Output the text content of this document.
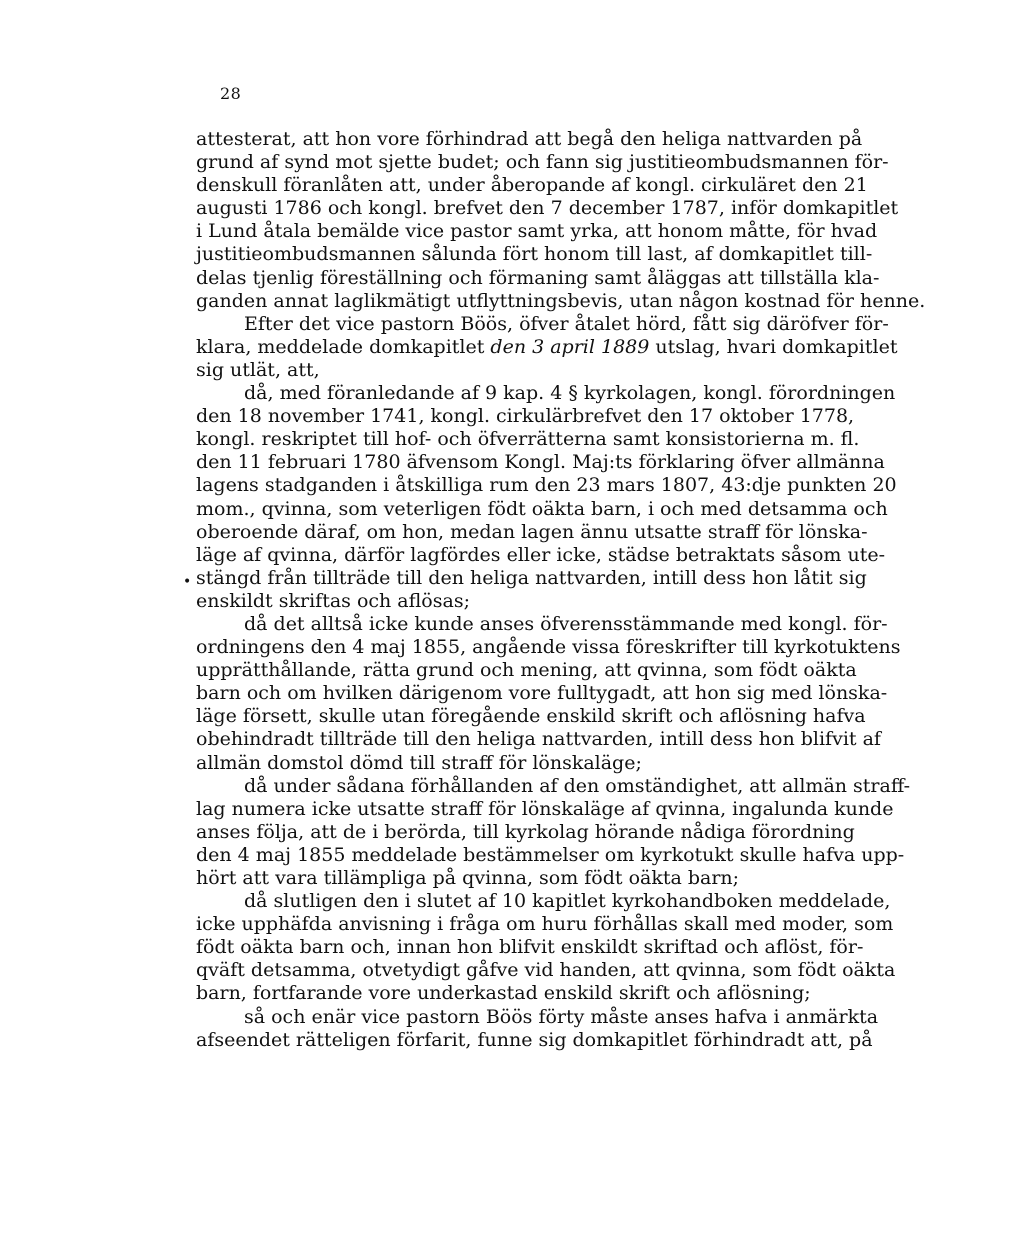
28
•
attesterat, att hon vore förhindrad att begå den heliga nattvarden på
grund af synd mot sjette budet; och fann sig justitieombudsmannen för-
denskull föranlåten att, under åberopande af kongl. cirkuläret den 21
augusti 1786 och kongl. brefvet den 7 december 1787, inför domkapitlet
i Lund åtala bemälde vice pastor samt yrka, att honom måtte, för hvad
justitieombudsmannen sålunda fört honom till last, af domkapitlet till-
delas tjenlig föreställning och förmaning samt åläggas att tillställa kla-
ganden annat laglikmätigt utflyttningsbevis, utan någon kostnad för henne.
Efter det vice pastorn Böös, öfver åtalet hörd, fått sig däröfver för-
klara, meddelade domkapitlet den 3 april 1889 utslag, hvari domkapitlet
sig utlät, att,
då, med föranledande af 9 kap. 4 § kyrkolagen, kongl. förordningen
den 18 november 1741, kongl. cirkulärbrefvet den 17 oktober 1778,
kongl. reskriptet till hof- och öfverrätterna samt konsistorierna m. fl.
den 11 februari 1780 äfvensom Kongl. Maj:ts förklaring öfver allmänna
lagens stadganden i åtskilliga rum den 23 mars 1807, 43:dje punkten 20
mom., qvinna, som veterligen födt oäkta barn, i och med detsamma och
oberoende däraf, om hon, medan lagen ännu utsatte straff för lönska-
läge af qvinna, därför lagfördes eller icke, städse betraktats såsom ute-
stängd från tillträde till den heliga nattvarden, intill dess hon låtit sig
enskildt skriftas och aflösas;
då det alltså icke kunde anses öfverensstämmande med kongl. för-
ordningens den 4 maj 1855, angående vissa föreskrifter till kyrkotuktens
upprätthållande, rätta grund och mening, att qvinna, som födt oäkta
barn och om hvilken därigenom vore fulltygadt, att hon sig med lönska-
läge försett, skulle utan föregående enskild skrift och aflösning hafva
obehindradt tillträde till den heliga nattvarden, intill dess hon blifvit af
allmän domstol dömd till straff för lönskaläge;
då under sådana förhållanden af den omständighet, att allmän straff-
lag numera icke utsatte straff för lönskaläge af qvinna, ingalunda kunde
anses följa, att de i berörda, till kyrkolag hörande nådiga förordning
den 4 maj 1855 meddelade bestämmelser om kyrkotukt skulle hafva upp-
hört att vara tillämpliga på qvinna, som födt oäkta barn;
då slutligen den i slutet af 10 kapitlet kyrkohandboken meddelade,
icke upphäfda anvisning i fråga om huru förhållas skall med moder, som
födt oäkta barn och, innan hon blifvit enskildt skriftad och aflöst, för-
qväft detsamma, otvetydigt gåfve vid handen, att qvinna, som födt oäkta
barn, fortfarande vore underkastad enskild skrift och aflösning;
så och enär vice pastorn Böös förty måste anses hafva i anmärkta
afseendet rätteligen förfarit, funne sig domkapitlet förhindradt att, på
